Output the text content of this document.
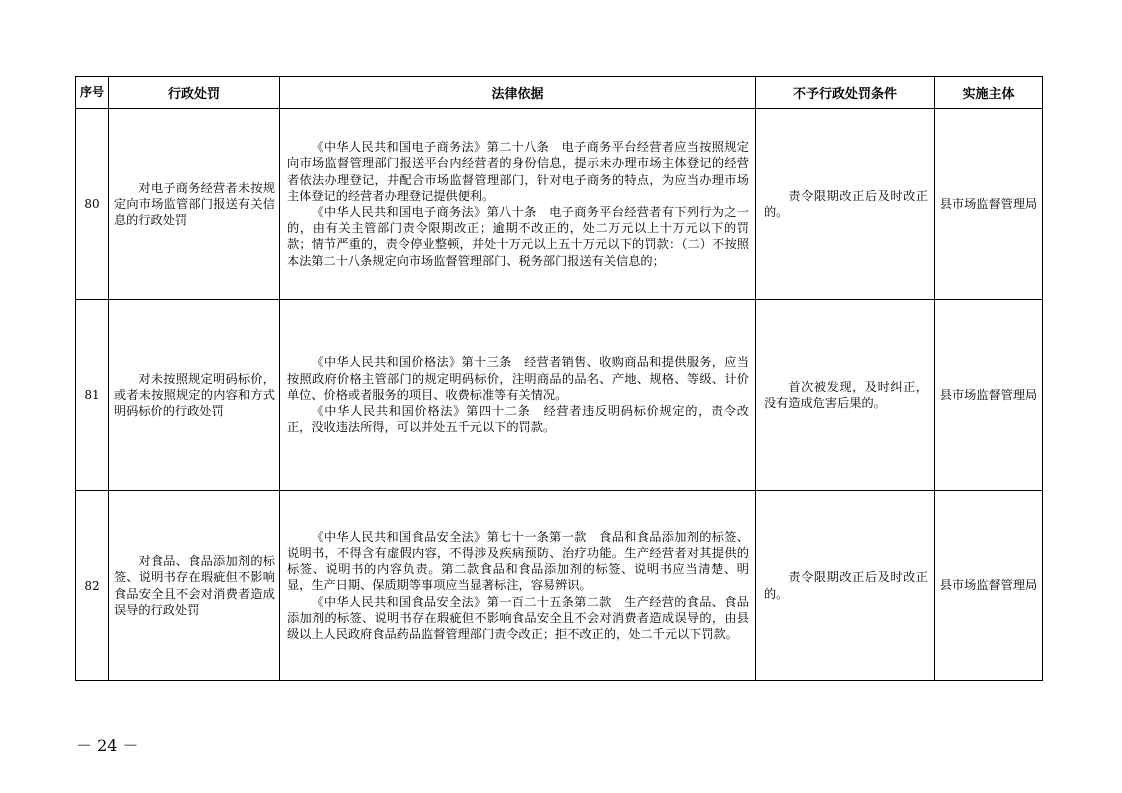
序号	行政处罚	法律依据	不予行政处罚条件	实施主体
80	对电子商务经营者未按规定向市场监管部门报送有关信息的行政处罚	《中华人民共和国电子商务法》第二十八条　电子商务平台经营者应当按照规定向市场监督管理部门报送平台内经营者的身份信息，提示未办理市场主体登记的经营者依法办理登记，并配合市场监督管理部门，针对电子商务的特点，为应当办理市场主体登记的经营者办理登记提供便利。
《中华人民共和国电子商务法》第八十条　电子商务平台经营者有下列行为之一的，由有关主管部门责令限期改正；逾期不改正的，处二万元以上十万元以下的罚款；情节严重的，责令停业整顿，并处十万元以上五十万元以下的罚款：（二）不按照本法第二十八条规定向市场监督管理部门、税务部门报送有关信息的；	责令限期改正后及时改正的。	县市场监督管理局

81	对未按照规定明码标价，或者未按照规定的内容和方式明码标价的行政处罚	《中华人民共和国价格法》第十三条　经营者销售、收购商品和提供服务，应当按照政府价格主管部门的规定明码标价，注明商品的品名、产地、规格、等级、计价单位、价格或者服务的项目、收费标准等有关情况。
《中华人民共和国价格法》第四十二条　经营者违反明码标价规定的，责令改正，没收违法所得，可以并处五千元以下的罚款。	首次被发现，及时纠正，没有造成危害后果的。	县市场监督管理局

82	对食品、食品添加剂的标签、说明书存在瑕疵但不影响食品安全且不会对消费者造成误导的行政处罚	《中华人民共和国食品安全法》第七十一条第一款　食品和食品添加剂的标签、说明书，不得含有虚假内容，不得涉及疾病预防、治疗功能。生产经营者对其提供的标签、说明书的内容负责。第二款食品和食品添加剂的标签、说明书应当清楚、明显，生产日期、保质期等事项应当显著标注，容易辨识。
《中华人民共和国食品安全法》第一百二十五条第二款　生产经营的食品、食品添加剂的标签、说明书存在瑕疵但不影响食品安全且不会对消费者造成误导的，由县级以上人民政府食品药品监督管理部门责令改正；拒不改正的，处二千元以下罚款。	责令限期改正后及时改正的。	县市场监督管理局
－ 24 －
